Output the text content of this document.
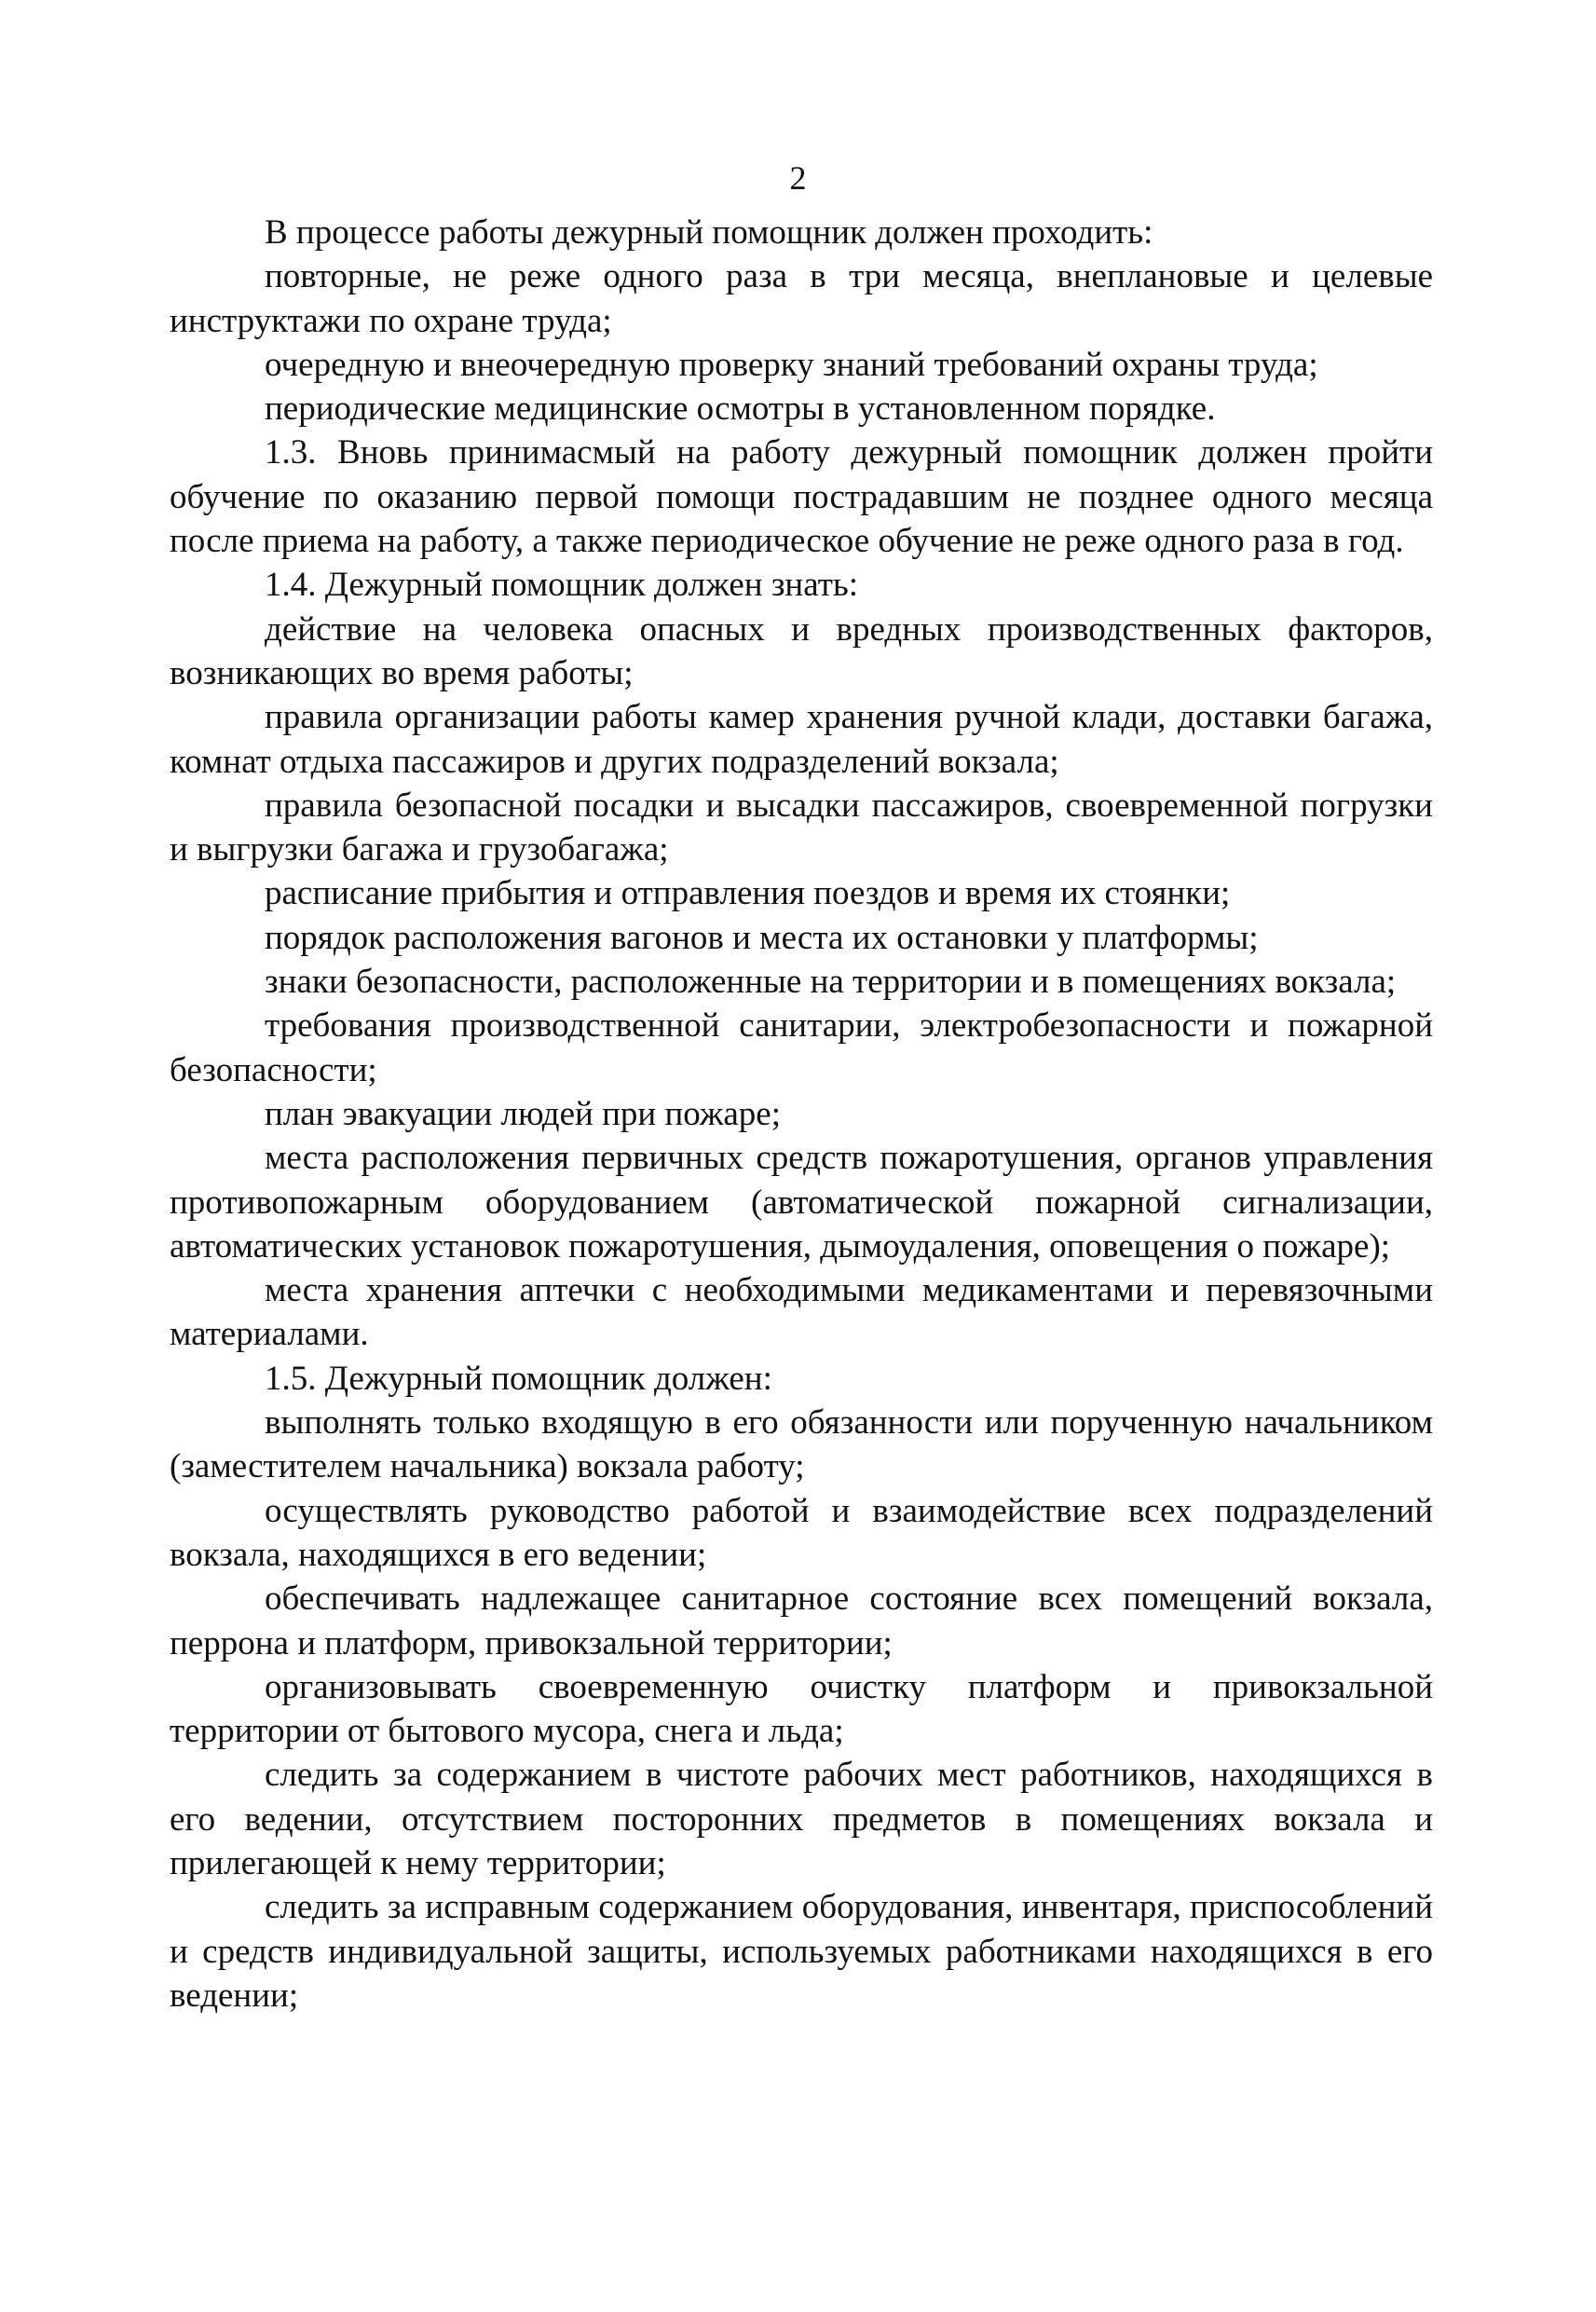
2

В процессе работы дежурный помощник должен проходить:

повторные, не реже одного раза в три месяца, внеплановые и целевые инструктажи по охране труда;

очередную и внеочередную проверку знаний требований охраны труда;

периодические медицинские осмотры в установленном порядке.

1.3. Вновь принимасмый на работу дежурный помощник должен пройти обучение по оказанию первой помощи пострадавшим не позднее одного месяца после приема на работу, а также периодическое обучение не реже одного раза в год.

1.4. Дежурный помощник должен знать:

действие на человека опасных и вредных производственных факторов, возникающих во время работы;

правила организации работы камер хранения ручной клади, доставки багажа, комнат отдыха пассажиров и других подразделений вокзала;

правила безопасной посадки и высадки пассажиров, своевременной погрузки и выгрузки багажа и грузобагажа;

расписание прибытия и отправления поездов и время их стоянки;

порядок расположения вагонов и места их остановки у платформы;

знаки безопасности, расположенные на территории и в помещениях вокзала;

требования производственной санитарии, электробезопасности и пожарной безопасности;

план эвакуации людей при пожаре;

места расположения первичных средств пожаротушения, органов управления противопожарным оборудованием (автоматической пожарной сигнализации, автоматических установок пожаротушения, дымоудаления, оповещения о пожаре);

места хранения аптечки с необходимыми медикаментами и перевязочными материалами.

1.5. Дежурный помощник должен:

выполнять только входящую в его обязанности или порученную начальником (заместителем начальника) вокзала работу;

осуществлять руководство работой и взаимодействие всех подразделений вокзала, находящихся в его ведении;

обеспечивать надлежащее санитарное состояние всех помещений вокзала, перрона и платформ, привокзальной территории;

организовывать своевременную очистку платформ и привокзальной территории от бытового мусора, снега и льда;

следить за содержанием в чистоте рабочих мест работников, находящихся в его ведении, отсутствием посторонних предметов в помещениях вокзала и прилегающей к нему территории;

следить за исправным содержанием оборудования, инвентаря, приспособлений и средств индивидуальной защиты, используемых работниками находящихся в его ведении;
